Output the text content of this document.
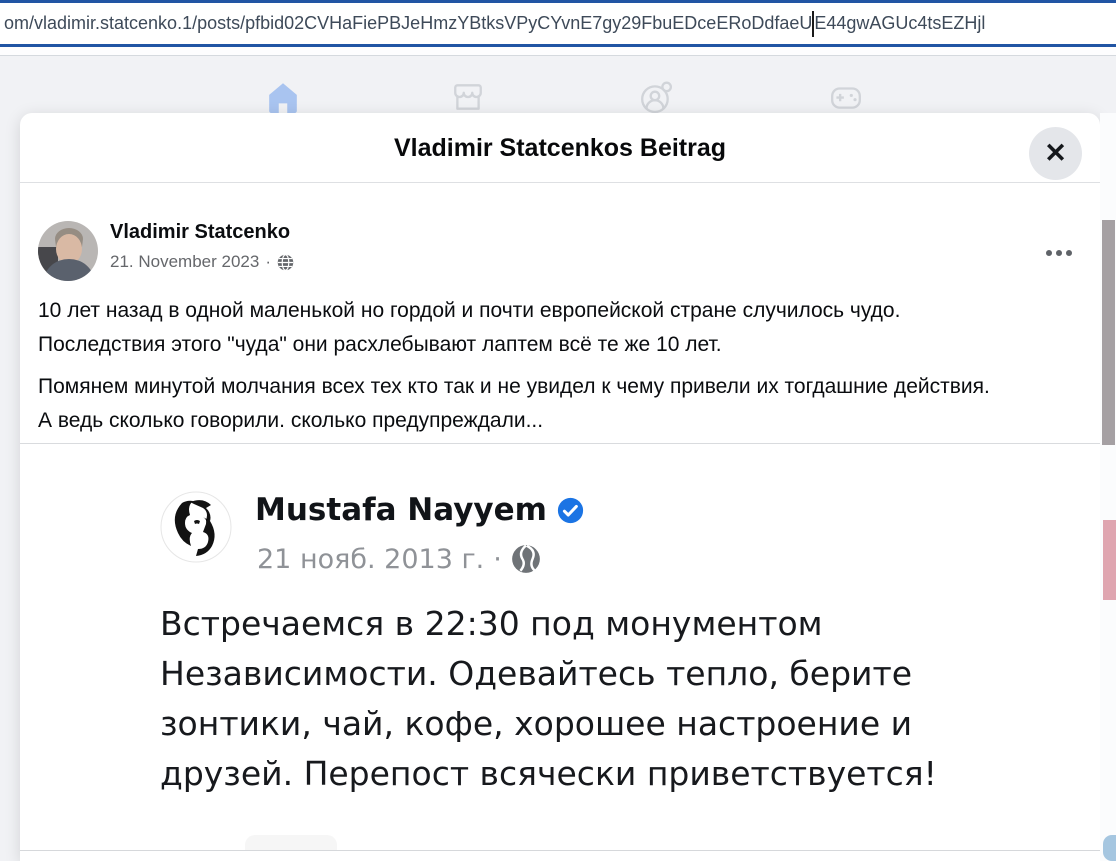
om/vladimir.statcenko.1/posts/pfbid02CVHaFiePBJeHmzYBtksVPyCYvnE7gy29FbuEDceERoDdfaeU E44gwAGUc4tsEZHjl
Vladimir Statcenkos Beitrag	✕
Vladimir Statcenko
21. November 2023 ·

10 лет назад в одной маленькой но гордой и почти европейской стране случилось чудо.
Последствия этого "чуда" они расхлебывают лаптем всё те же 10 лет.

Помянем минутой молчания всех тех кто так и не увидел к чему привели их тогдашние действия.
А ведь сколько говорили. сколько предупреждали...

Mustafa Nayyem
21 нояб. 2013 г. ·
Встречаемся в 22:30 под монументом
Независимости. Одевайтесь тепло, берите
зонтики, чай, кофе, хорошее настроение и
друзей. Перепост всячески приветствуется!
